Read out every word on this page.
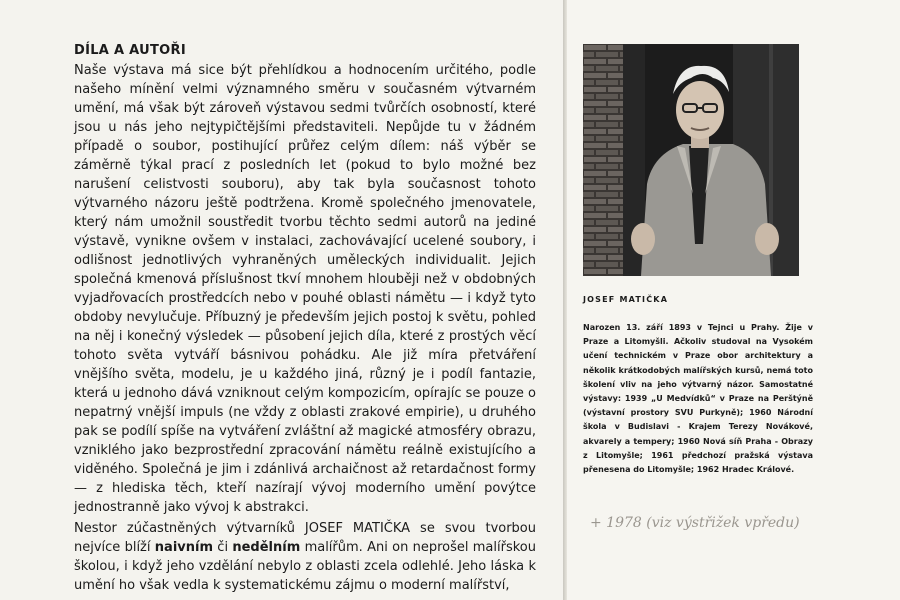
DÍLA A AUTOŘI

Naše výstava má sice být přehlídkou a hodnocením určitého, podle našeho mínění velmi významného směru v současném výtvarném umění, má však být zároveň výstavou sedmi tvůrčích osobností, které jsou u nás jeho nejtypičtějšími představiteli. Nepůjde tu v žádném případě o soubor, postihující průřez celým dílem: náš výběr se záměrně týkal prací z posledních let (pokud to bylo možné bez narušení celistvosti souboru), aby tak byla současnost tohoto výtvarného názoru ještě podtržena. Kromě společného jmenovatele, který nám umožnil soustředit tvorbu těchto sedmi autorů na jediné výstavě, vynikne ovšem v instalaci, zachovávající ucelené soubory, i odlišnost jednotlivých vyhraněných uměleckých individualit. Jejich společná kmenová příslušnost tkví mnohem hlouběji než v obdobných vyjadřovacích prostředcích nebo v pouhé oblasti námětu — i když tyto obdoby nevylučuje. Příbuzný je především jejich postoj k světu, pohled na něj i konečný výsledek — působení jejich díla, které z prostých věcí tohoto světa vytváří básnivou pohádku. Ale již míra přetváření vnějšího světa, modelu, je u každého jiná, různý je i podíl fantazie, která u jednoho dává vzniknout celým kompozicím, opírajíc se pouze o nepatrný vnější impuls (ne vždy z oblasti zrakové empirie), u druhého pak se podílí spíše na vytváření zvláštní až magické atmosféry obrazu, vzniklého jako bezprostřední zpracování námětu reálně existujícího a viděného. Společná je jim i zdánlivá archaičnost až retardačnost formy — z hlediska těch, kteří nazírají vývoj moderního umění povýtce jednostranně jako vývoj k abstrakci.

Nestor zúčastněných výtvarníků JOSEF MATIČKA se svou tvorbou nejvíce blíží naivním či nedělním malířům. Ani on neprošel malířskou školou, i když jeho vzdělání nebylo z oblasti zcela odlehlé. Jeho láska k umění ho však vedla k systematickému zájmu o moderní malířství,

JOSEF MATIČKA
Narozen 13. září 1893 v Tejnci u Prahy. Žije v Praze a Litomyšli. Ačkoliv studoval na Vysokém učení technickém v Praze obor architektury a několik krátkodobých malířských kursů, nemá toto školení vliv na jeho výtvarný názor. Samostatné výstavy: 1939 „U Medvídků“ v Praze na Perštýně (výstavní prostory SVU Purkyně); 1960 Národní škola v Budislavi - Krajem Terezy Novákové, akvarely a tempery; 1960 Nová síň Praha - Obrazy z Litomyšle; 1961 předchozí pražská výstava přenesena do Litomyšle; 1962 Hradec Králové.
+ 1978 (viz výstřižek vpředu)
